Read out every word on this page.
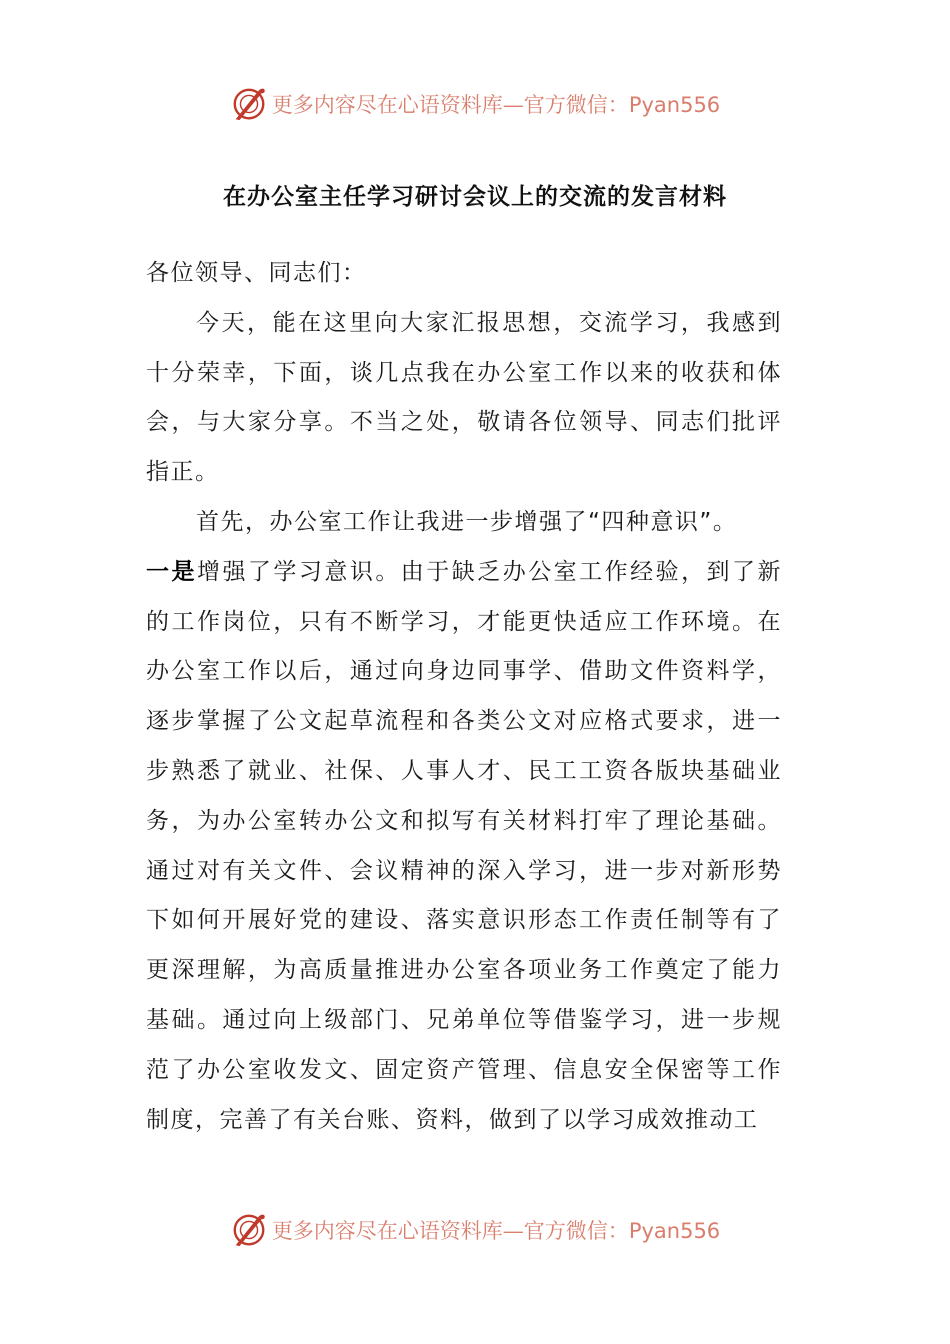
更多内容尽在心语资料库—官方微信：Pyan556
在办公室主任学习研讨会议上的交流的发言材料

各位领导、同志们：

今天，能在这里向大家汇报思想，交流学习，我感到十分荣幸，下面，谈几点我在办公室工作以来的收获和体会，与大家分享。不当之处，敬请各位领导、同志们批评指正。

首先，办公室工作让我进一步增强了“四种意识”。

一是增强了学习意识。由于缺乏办公室工作经验，到了新的工作岗位，只有不断学习，才能更快适应工作环境。在办公室工作以后，通过向身边同事学、借助文件资料学，逐步掌握了公文起草流程和各类公文对应格式要求，进一步熟悉了就业、社保、人事人才、民工工资各版块基础业务，为办公室转办公文和拟写有关材料打牢了理论基础。通过对有关文件、会议精神的深入学习，进一步对新形势下如何开展好党的建设、落实意识形态工作责任制等有了更深理解，为高质量推进办公室各项业务工作奠定了能力基础。通过向上级部门、兄弟单位等借鉴学习，进一步规范了办公室收发文、固定资产管理、信息安全保密等工作制度，完善了有关台账、资料，做到了以学习成效推动工

更多内容尽在心语资料库—官方微信：Pyan556
